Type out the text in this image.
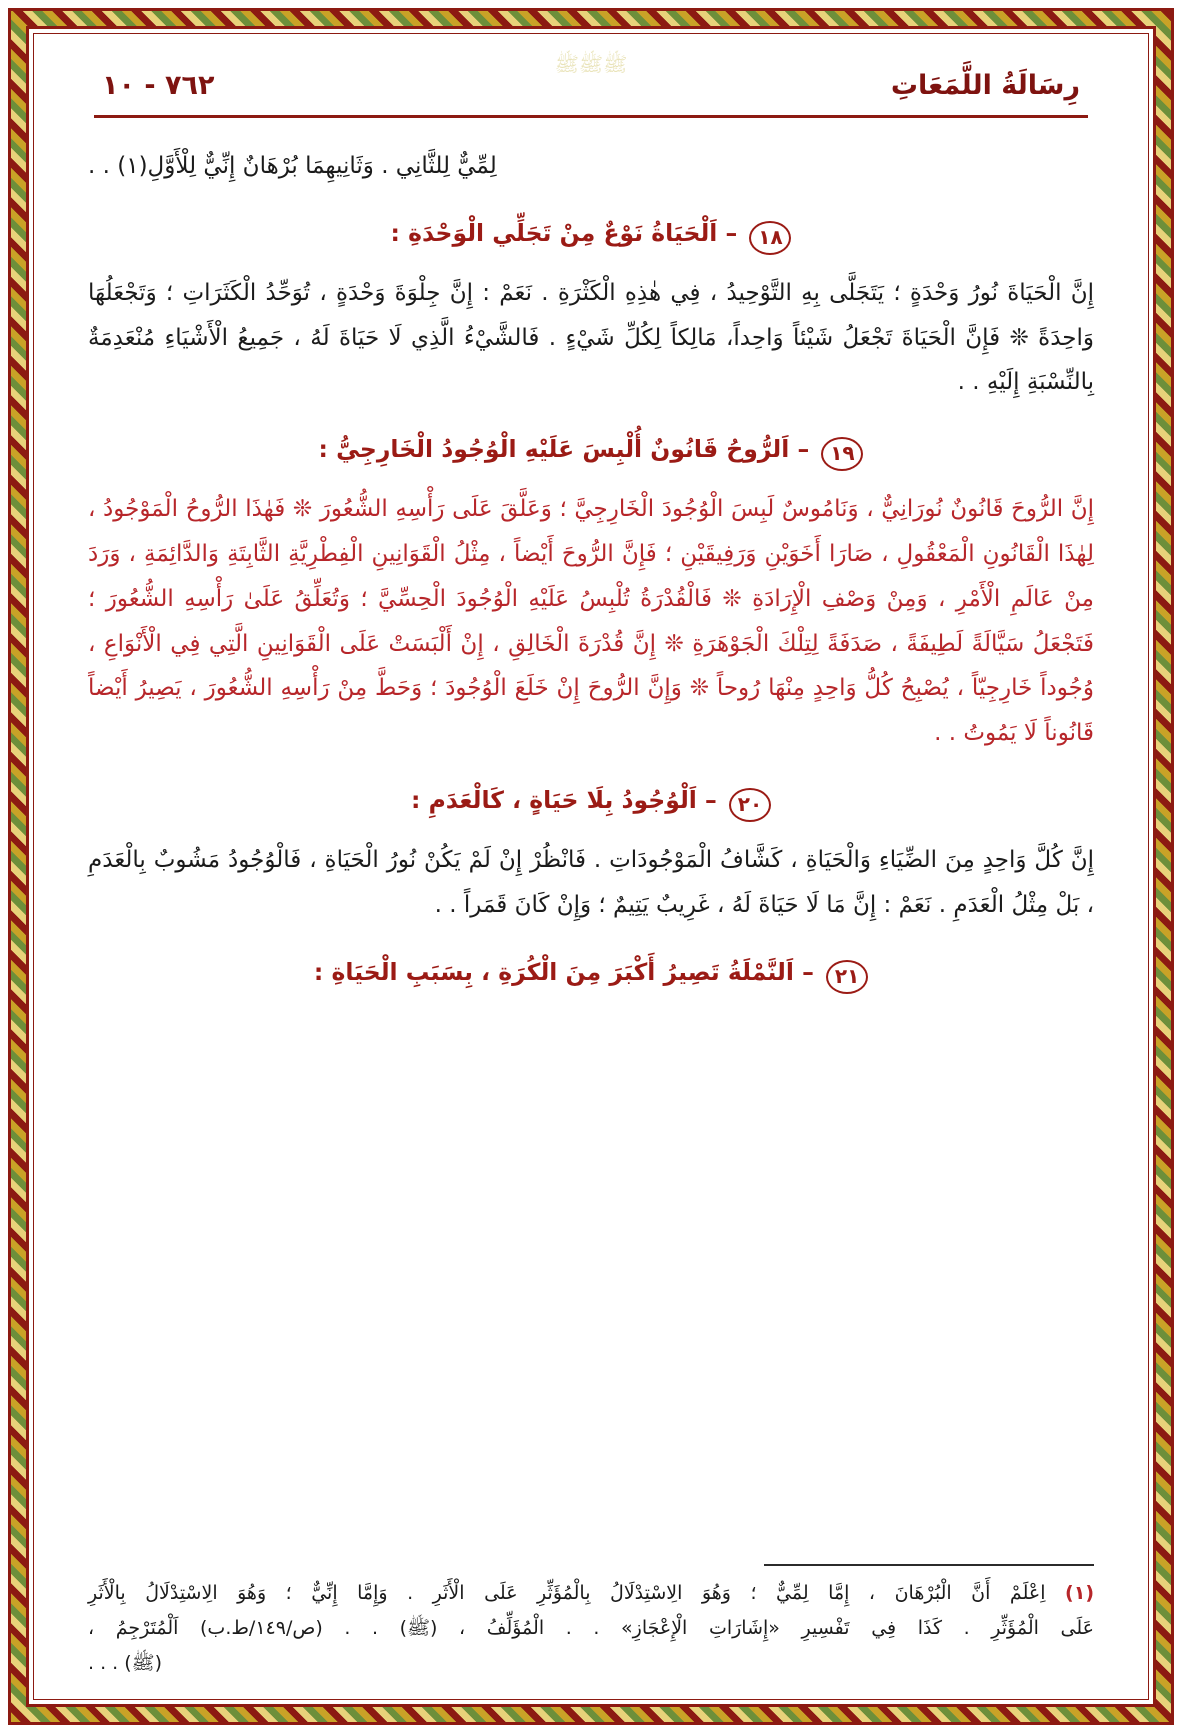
ﷺﷺﷺ
٧٦٢ - ١٠	رِسَالَةُ اللَّمَعَاتِ

لِمِّيٌّ لِلثَّانِي . وَثَانِيهِمَا بُرْهَانٌ إِنِّيٌّ لِلْأَوَّلِ(١) . .

١٨ – اَلْحَيَاةُ نَوْعٌ مِنْ تَجَلِّي الْوَحْدَةِ :

إِنَّ الْحَيَاةَ نُورُ وَحْدَةٍ ؛ يَتَجَلَّى بِهِ التَّوْحِيدُ ، فِي هٰذِهِ الْكَثْرَةِ . نَعَمْ : إِنَّ جِلْوَةَ وَحْدَةٍ ، تُوَحِّدُ الْكَثَرَاتِ ؛ وَتَجْعَلُهَا وَاحِدَةً ❊ فَإِنَّ الْحَيَاةَ تَجْعَلُ شَيْئاً وَاحِداً، مَالِكاً لِكُلِّ شَيْءٍ . فَالشَّيْءُ الَّذِي لَا حَيَاةَ لَهُ ، جَمِيعُ الْأَشْيَاءِ مُنْعَدِمَةٌ بِالنِّسْبَةِ إِلَيْهِ . .

١٩ – اَلرُّوحُ قَانُونٌ أُلْبِسَ عَلَيْهِ الْوُجُودُ الْخَارِجِيُّ :

إِنَّ الرُّوحَ قَانُونٌ نُورَانِيٌّ ، وَنَامُوسٌ لَبِسَ الْوُجُودَ الْخَارِجِيَّ ؛ وَعَلَّقَ عَلَى رَأْسِهِ الشُّعُورَ ❊ فَهٰذَا الرُّوحُ الْمَوْجُودُ ، لِهٰذَا الْقَانُونِ الْمَعْقُولِ ، صَارَا أَخَوَيْنِ وَرَفِيقَيْنِ ؛ فَإِنَّ الرُّوحَ أَيْضاً ، مِثْلُ الْقَوَانِينِ الْفِطْرِيَّةِ الثَّابِتَةِ وَالدَّائِمَةِ ، وَرَدَ مِنْ عَالَمِ الْأَمْرِ ، وَمِنْ وَصْفِ الْإِرَادَةِ ❊ فَالْقُدْرَةُ تُلْبِسُ عَلَيْهِ الْوُجُودَ الْحِسِّيَّ ؛ وَتُعَلِّقُ عَلَىٰ رَأْسِهِ الشُّعُورَ ؛ فَتَجْعَلُ سَيَّالَةً لَطِيفَةً ، صَدَفَةً لِتِلْكَ الْجَوْهَرَةِ ❊ إِنَّ قُدْرَةَ الْخَالِقِ ، إِنْ أَلْبَسَتْ عَلَى الْقَوَانِينِ الَّتِي فِي الْأَنْوَاعِ ، وُجُوداً خَارِجِيّاً ، يُصْبِحُ كُلُّ وَاحِدٍ مِنْهَا رُوحاً ❊ وَإِنَّ الرُّوحَ إِنْ خَلَعَ الْوُجُودَ ؛ وَحَطَّ مِنْ رَأْسِهِ الشُّعُورَ ، يَصِيرُ أَيْضاً قَانُوناً لَا يَمُوتُ . .

٢٠ – اَلْوُجُودُ بِلَا حَيَاةٍ ، كَالْعَدَمِ :

إِنَّ كُلَّ وَاحِدٍ مِنَ الضِّيَاءِ وَالْحَيَاةِ ، كَشَّافُ الْمَوْجُودَاتِ . فَانْظُرْ إِنْ لَمْ يَكُنْ نُورُ الْحَيَاةِ ، فَالْوُجُودُ مَشُوبٌ بِالْعَدَمِ ، بَلْ مِثْلُ الْعَدَمِ . نَعَمْ : إِنَّ مَا لَا حَيَاةَ لَهُ ، غَرِيبٌ يَتِيمٌ ؛ وَإِنْ كَانَ قَمَراً . .

٢١ – اَلنَّمْلَةُ تَصِيرُ أَكْبَرَ مِنَ الْكُرَةِ ، بِسَبَبِ الْحَيَاةِ :

(١) اِعْلَمْ أَنَّ الْبُرْهَانَ ، إِمَّا لِمِّيٌّ ؛ وَهُوَ الِاسْتِدْلَالُ بِالْمُؤَثِّرِ عَلَى الْأَثَرِ . وَإِمَّا إِنِّيٌّ ؛ وَهُوَ الِاسْتِدْلَالُ بِالْأَثَرِ

عَلَى الْمُؤَثِّرِ . كَذَا فِي تَفْسِيرِ «إِشَارَاتِ الْإِعْجَازِ» . . الْمُؤَلِّفُ ، (ﷺ) . . (ص/١٤٩/ط.ب) اَلْمُتَرْجِمُ ،

(ﷺ) . . .
